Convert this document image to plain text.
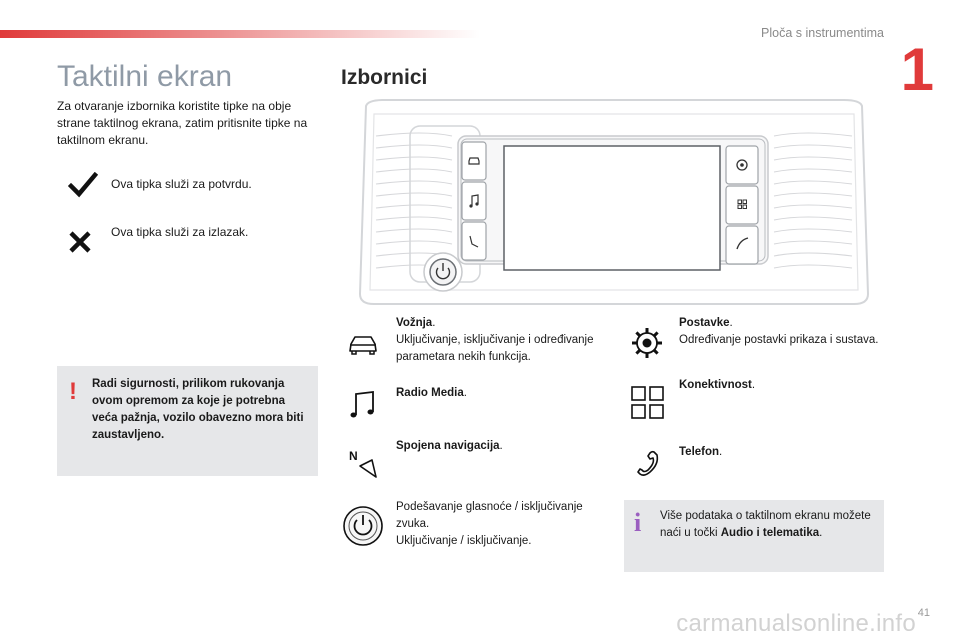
Ploča s instrumentima
1
41
Taktilni ekran
Za otvaranje izbornika koristite tipke na obje strane taktilnog ekrana, zatim pritisnite tipke na taktilnom ekranu.
Ova tipka služi za potvrdu.
Ova tipka služi za izlazak.
! Radi sigurnosti, prilikom rukovanja ovom opremom za koje je potrebna veća pažnja, vozilo obavezno mora biti zaustavljeno.
Izbornici
Vožnja.
Uključivanje, isključivanje i određivanje parametara nekih funkcija.
Radio Media.
N
Spojena navigacija.
Podešavanje glasnoće / isključivanje zvuka.
Uključivanje / isključivanje.
Postavke.
Određivanje postavki prikaza i sustava.
Konektivnost.
Telefon.
i Više podataka o taktilnom ekranu možete naći u točki Audio i telematika.
carmanualsonline.info
